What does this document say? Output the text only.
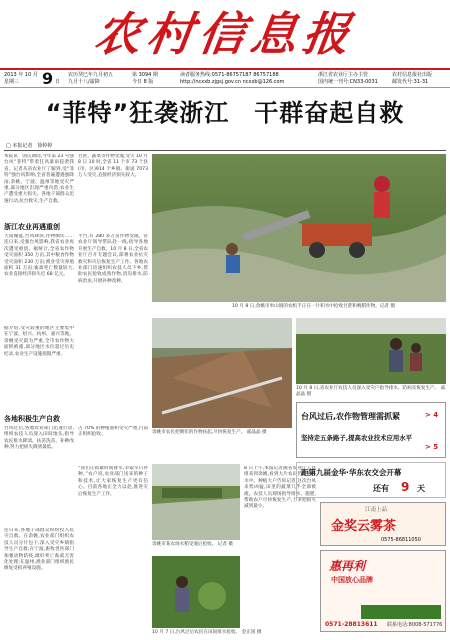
农村信息报
2013 年 10 月
星期三 9 日
农历癸巳年九月初五
九月十八/霜降
第 3094 期
今日 8 版
读者服务热线:0571-86757187 86757188
http://ncxxb.zjgsj.gov.cn ncxxb@126.com
浙江省农业厅主办主管
国内统一刊号:CN33-0031
农村信息报社出版
邮发代号:31-31
“菲特”狂袭浙江　干群奋起自救
□ 本报记者　徐婷婷
本报讯　国庆期间,今年第 23 号强台风“菲特”带着狂风暴雨侵袭我省。记者从省农业厅了解到,受“菲特”强台风影响,全省普遍遭遇强降雨,余姚、宁波、温州等地受灾严重,部分地区出现严重内涝,农业生产遭受重大损失。各地干部群众迅速行动,抗台救灾,生产自救。
浙江农业再遇重创
大雨倾盆,台风肆虐,作物倒伏……连日来,受强台风影响,我省农业再次遭受重创。据统计,全省农作物受灾面积 350 万亩,其中粮食作物受灾面积 230 万亩;渔业受灾养殖面积 31 万亩;畜禽死亡数量较大,农业直接经济损失近 68 亿元。
据介绍,受灾较重的地区主要集中在宁波、绍兴、杭州、嘉兴等地。余姚受灾最为严重,全市农作物大面积被淹,部分地区水位超过历史纪录,农业生产设施损毁严重。
各地积极生产自救
台风过后,各地农业部门迅速行动,组织农技人员深入田间地头,指导农民排水降渍、扶苗洗苗、补种改种,努力把损失降到最低。
连日来,各地干部群众纷纷投入抗灾自救。在余姚,农业部门组织农技人员分片包干,深入受灾乡镇指导生产自救;在宁波,畜牧兽医部门加强动物防疫,做好死亡畜禽无害化处理;在温州,渔业部门组织渔民修复受损养殖设施。
甘蔗、蔬菜等作物受淹,受灾 10 月 8 日 10 时,全省 11 个市 73 个县(市、区)914 个乡镇、街道 7073 万人受灾,直接经济损失较大。
平台,有 280 多万亩作物受淹。省农业厅领导带队赴一线,指导各地开展生产自救。10 月 8 日,全省农业厅召开专题会议,部署农业抗灾救灾和灾后恢复生产工作。各地农业部门迅速组织农技人员下乡,帮助农民抢收成熟作物,清沟排水,防病治虫,开展补种改种。
占 70% 的种植面积受灾严重,目前正组织抢收。
8 日上午,本报记者随省农业厅工作组来到余姚,看到大片农田仍浸泡在水中。种植大户告诉记者,这次台风来势凶猛,田里的蔬菜几乎全部被淹。农技人员现场指导排水、施肥,帮助农户尽快恢复生产,力争把损失减到最小。
“我们正抓紧时间排水,争取早日补种。”农户说,农业部门送来的种子和技术,让大家恢复生产更有信心。目前各地正全力以赴,推进灾后恢复生产工作。
10 月 8 日,余姚市牟山镇的农机手正在一片积水中抢收甘蔗和晚稻作物。记者 摄
10 月 8 日,省农业厅农技人员深入受灾户指导排水、防病及恢复生产。 戚晶晶 摄
余姚市农民把倒伏的作物扶起,尽快恢复生产。 戚晶晶 摄
台风过后,农作物管理需抓紧	> 4
坚持走五条路子,提高农业技术应用水平
> 5
距第九届金华·华东农交会开幕
还有 9 天
余姚市某农场水稻受淹后抢收。 记者 摄
10 月 7 日,台风过后农民在田间排水抢收。 金正国 摄
江南上品
金奖云雾茶
0575-86811050
惠再利
中国放心品牌
0571-28813611 联系电话:8008-571776
